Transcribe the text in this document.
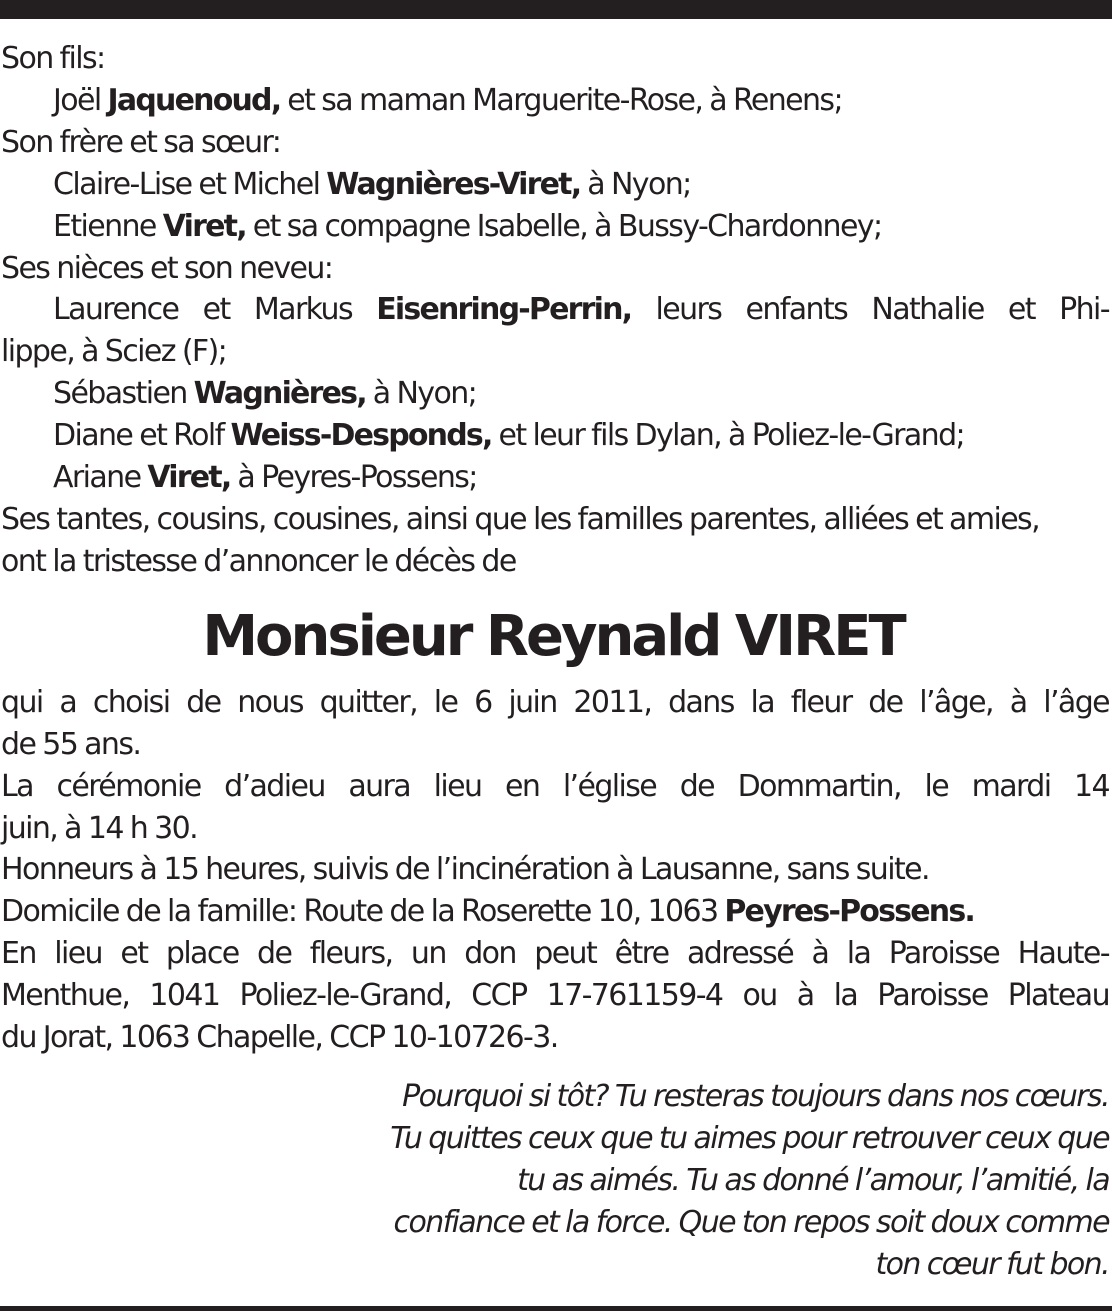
Son fils:
Joël Jaquenoud, et sa maman Marguerite-Rose, à Renens;
Son frère et sa sœur:
Claire-Lise et Michel Wagnières-Viret, à Nyon;
Etienne Viret, et sa compagne Isabelle, à Bussy-Chardonney;
Ses nièces et son neveu:
Laurence et Markus Eisenring-Perrin, leurs enfants Nathalie et Phi-
lippe, à Sciez (F);
Sébastien Wagnières, à Nyon;
Diane et Rolf Weiss-Desponds, et leur fils Dylan, à Poliez-le-Grand;
Ariane Viret, à Peyres-Possens;
Ses tantes, cousins, cousines, ainsi que les familles parentes, alliées et amies,
ont la tristesse d’annoncer le décès de
Monsieur Reynald VIRET
qui a choisi de nous quitter, le 6 juin 2011, dans la fleur de l’âge, à l’âge
de 55 ans.
La cérémonie d’adieu aura lieu en l’église de Dommartin, le mardi 14
juin, à 14 h 30.
Honneurs à 15 heures, suivis de l’incinération à Lausanne, sans suite.
Domicile de la famille: Route de la Roserette 10, 1063 Peyres-Possens.
En lieu et place de fleurs, un don peut être adressé à la Paroisse Haute-
Menthue, 1041 Poliez-le-Grand, CCP 17-761159-4 ou à la Paroisse Plateau
du Jorat, 1063 Chapelle, CCP 10-10726-3.
Pourquoi si tôt? Tu resteras toujours dans nos cœurs.
Tu quittes ceux que tu aimes pour retrouver ceux que
tu as aimés. Tu as donné l’amour, l’amitié, la
confiance et la force. Que ton repos soit doux comme
ton cœur fut bon.
